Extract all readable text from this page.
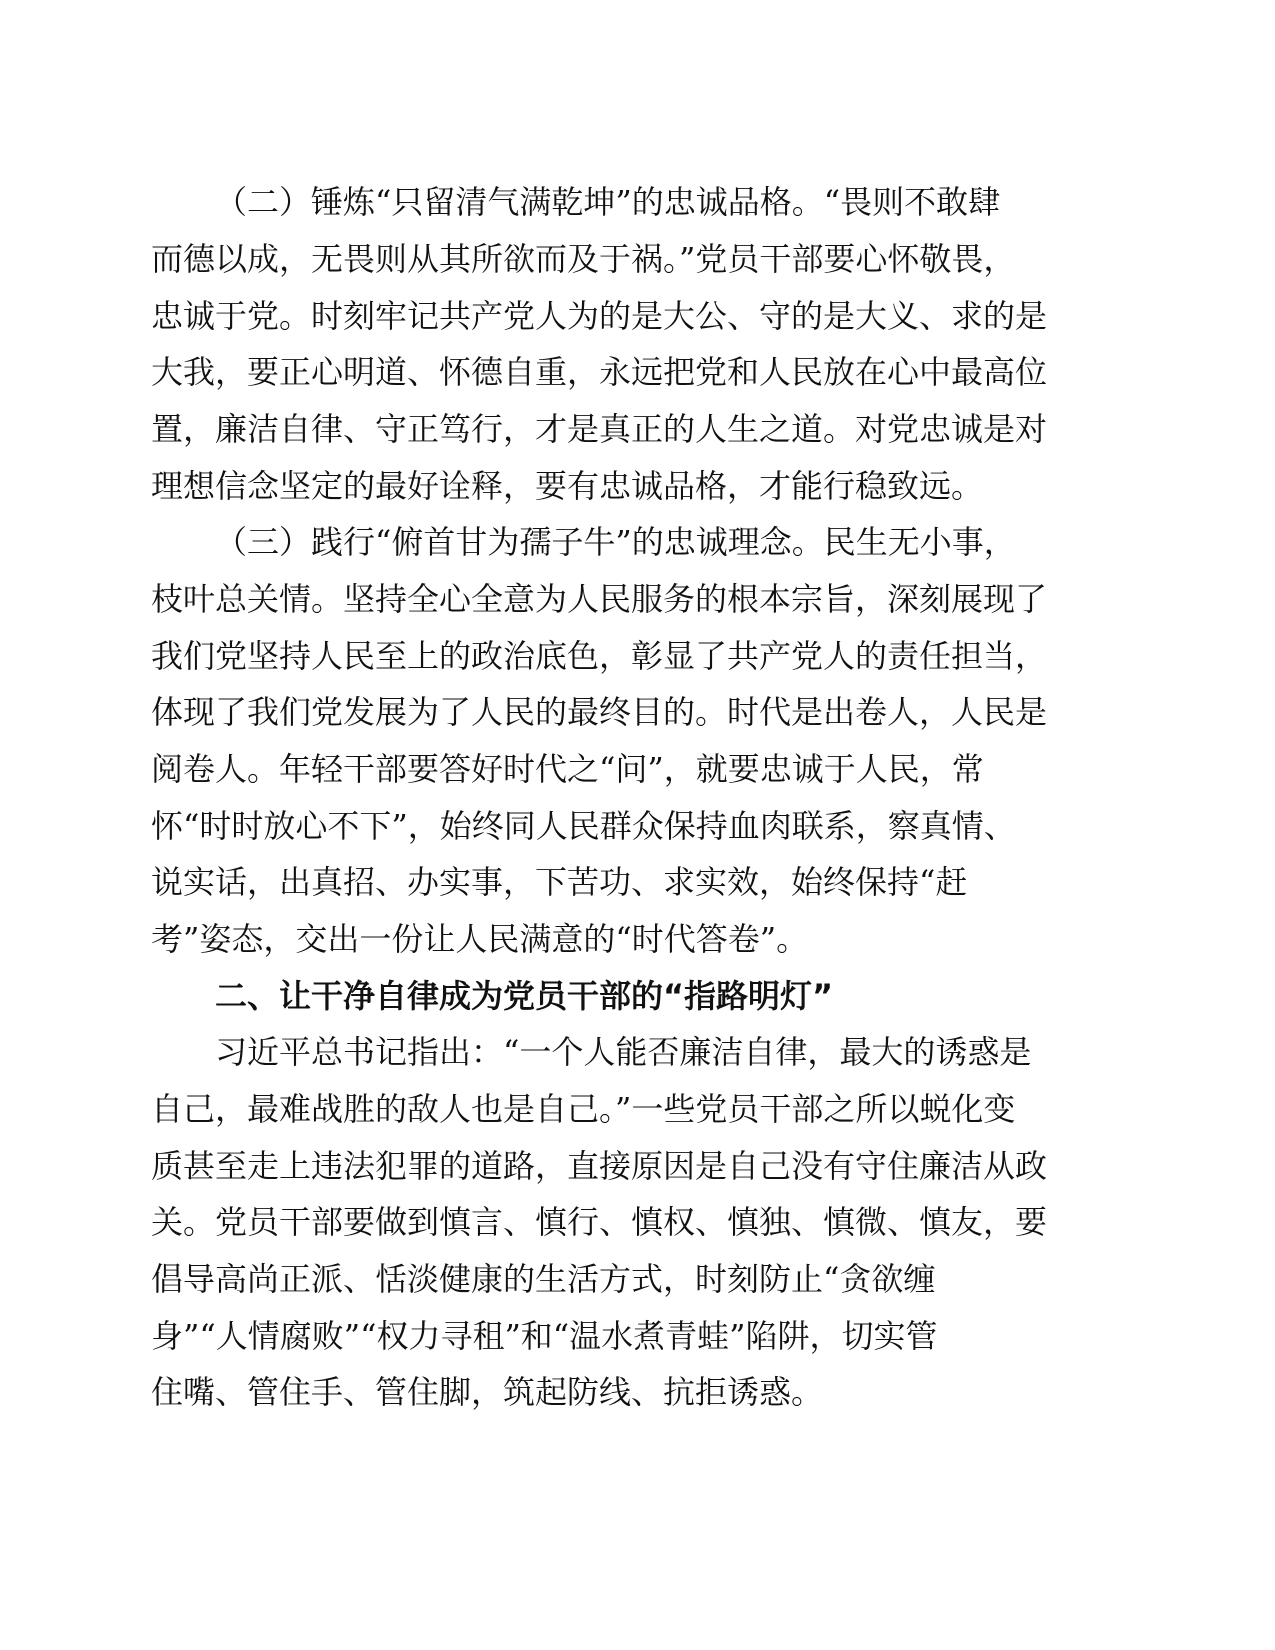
（二）锤炼“只留清气满乾坤”的忠诚品格。“畏则不敢肆
而德以成，无畏则从其所欲而及于祸。”党员干部要心怀敬畏，
忠诚于党。时刻牢记共产党人为的是大公、守的是大义、求的是
大我，要正心明道、怀德自重，永远把党和人民放在心中最高位
置，廉洁自律、守正笃行，才是真正的人生之道。对党忠诚是对
理想信念坚定的最好诠释，要有忠诚品格，才能行稳致远。
（三）践行“俯首甘为孺子牛”的忠诚理念。民生无小事，
枝叶总关情。坚持全心全意为人民服务的根本宗旨，深刻展现了
我们党坚持人民至上的政治底色，彰显了共产党人的责任担当，
体现了我们党发展为了人民的最终目的。时代是出卷人，人民是
阅卷人。年轻干部要答好时代之“问”，就要忠诚于人民，常
怀“时时放心不下”，始终同人民群众保持血肉联系，察真情、
说实话，出真招、办实事，下苦功、求实效，始终保持“赶
考”姿态，交出一份让人民满意的“时代答卷”。
二、让干净自律成为党员干部的“指路明灯”
习近平总书记指出：“一个人能否廉洁自律，最大的诱惑是
自己，最难战胜的敌人也是自己。”一些党员干部之所以蜕化变
质甚至走上违法犯罪的道路，直接原因是自己没有守住廉洁从政
关。党员干部要做到慎言、慎行、慎权、慎独、慎微、慎友，要
倡导高尚正派、恬淡健康的生活方式，时刻防止“贪欲缠
身”“人情腐败”“权力寻租”和“温水煮青蛙”陷阱，切实管
住嘴、管住手、管住脚，筑起防线、抗拒诱惑。
